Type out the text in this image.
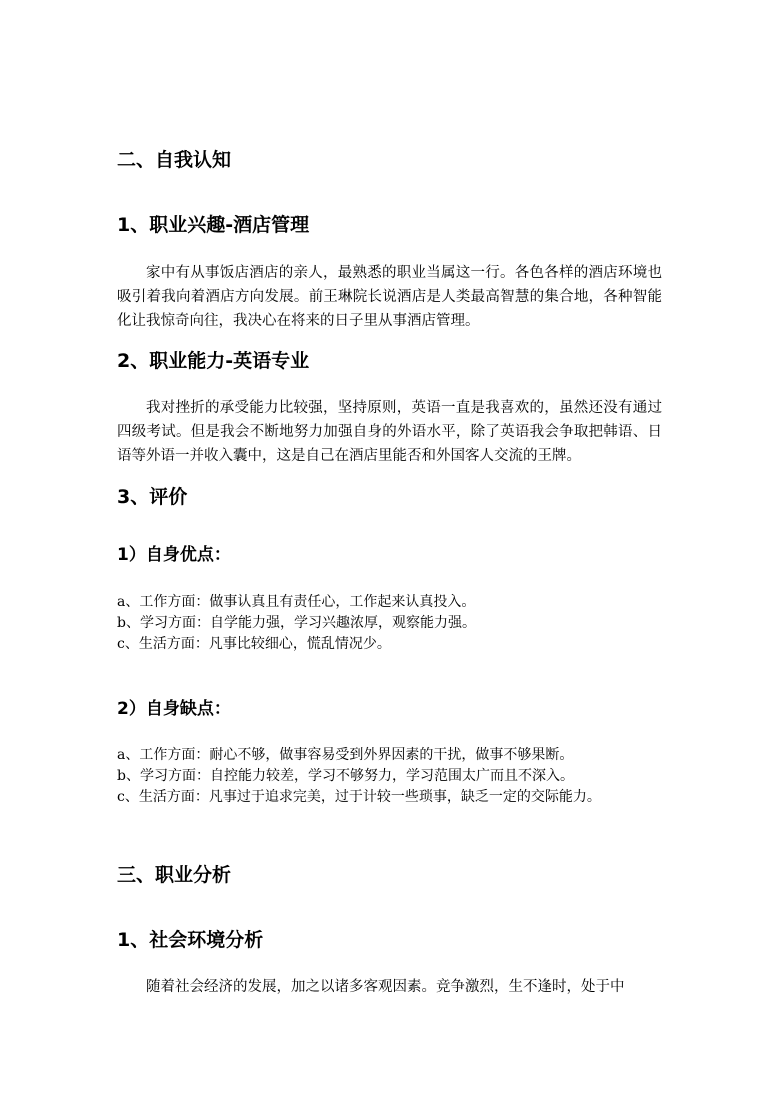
二、自我认知
1、职业兴趣-酒店管理

家中有从事饭店酒店的亲人，最熟悉的职业当属这一行。各色各样的酒店环境也吸引着我向着酒店方向发展。前王琳院长说酒店是人类最高智慧的集合地，各种智能化让我惊奇向往，我决心在将来的日子里从事酒店管理。

2、职业能力-英语专业

我对挫折的承受能力比较强，坚持原则，英语一直是我喜欢的，虽然还没有通过四级考试。但是我会不断地努力加强自身的外语水平，除了英语我会争取把韩语、日语等外语一并收入囊中，这是自己在酒店里能否和外国客人交流的王牌。

3、评价
1）自身优点：
a、工作方面：做事认真且有责任心，工作起来认真投入。
b、学习方面：自学能力强，学习兴趣浓厚，观察能力强。
c、生活方面：凡事比较细心，慌乱情况少。
2）自身缺点：
a、工作方面：耐心不够，做事容易受到外界因素的干扰，做事不够果断。
b、学习方面：自控能力较差，学习不够努力，学习范围太广而且不深入。
c、生活方面：凡事过于追求完美，过于计较一些琐事，缺乏一定的交际能力。
三、职业分析
1、社会环境分析

随着社会经济的发展，加之以诸多客观因素。竞争激烈，生不逢时，处于中
